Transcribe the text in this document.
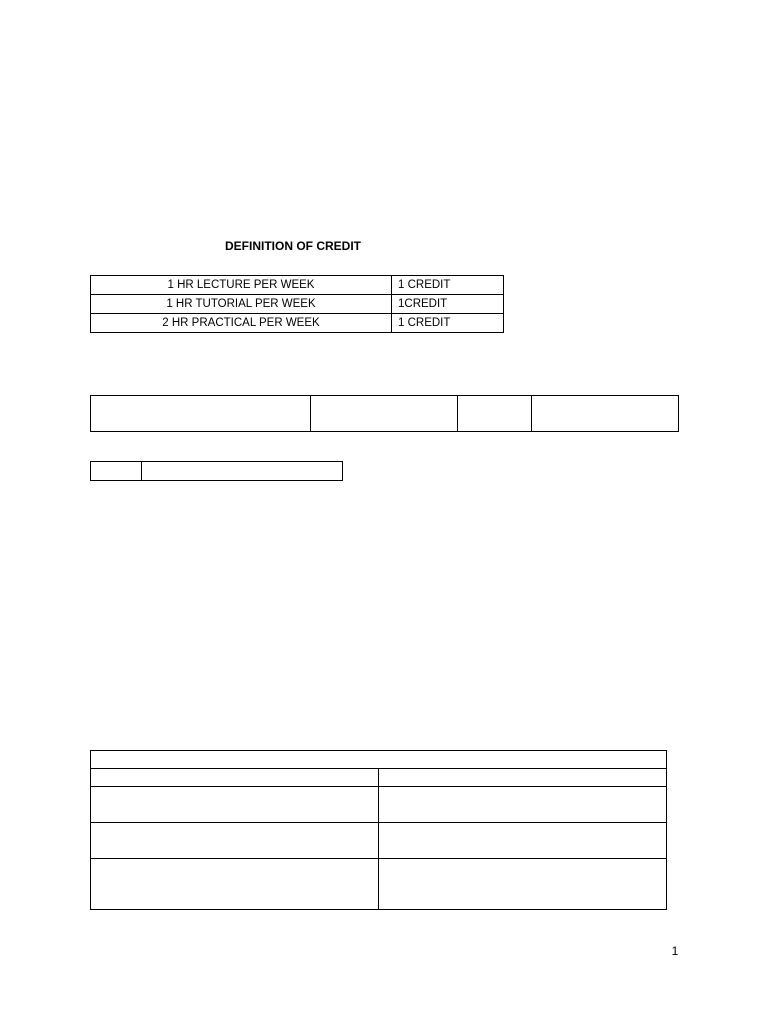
DEFINITION OF CREDIT
1 HR LECTURE PER WEEK	1 CREDIT
1 HR TUTORIAL PER WEEK	1CREDIT
2 HR PRACTICAL PER WEEK	1 CREDIT

1
